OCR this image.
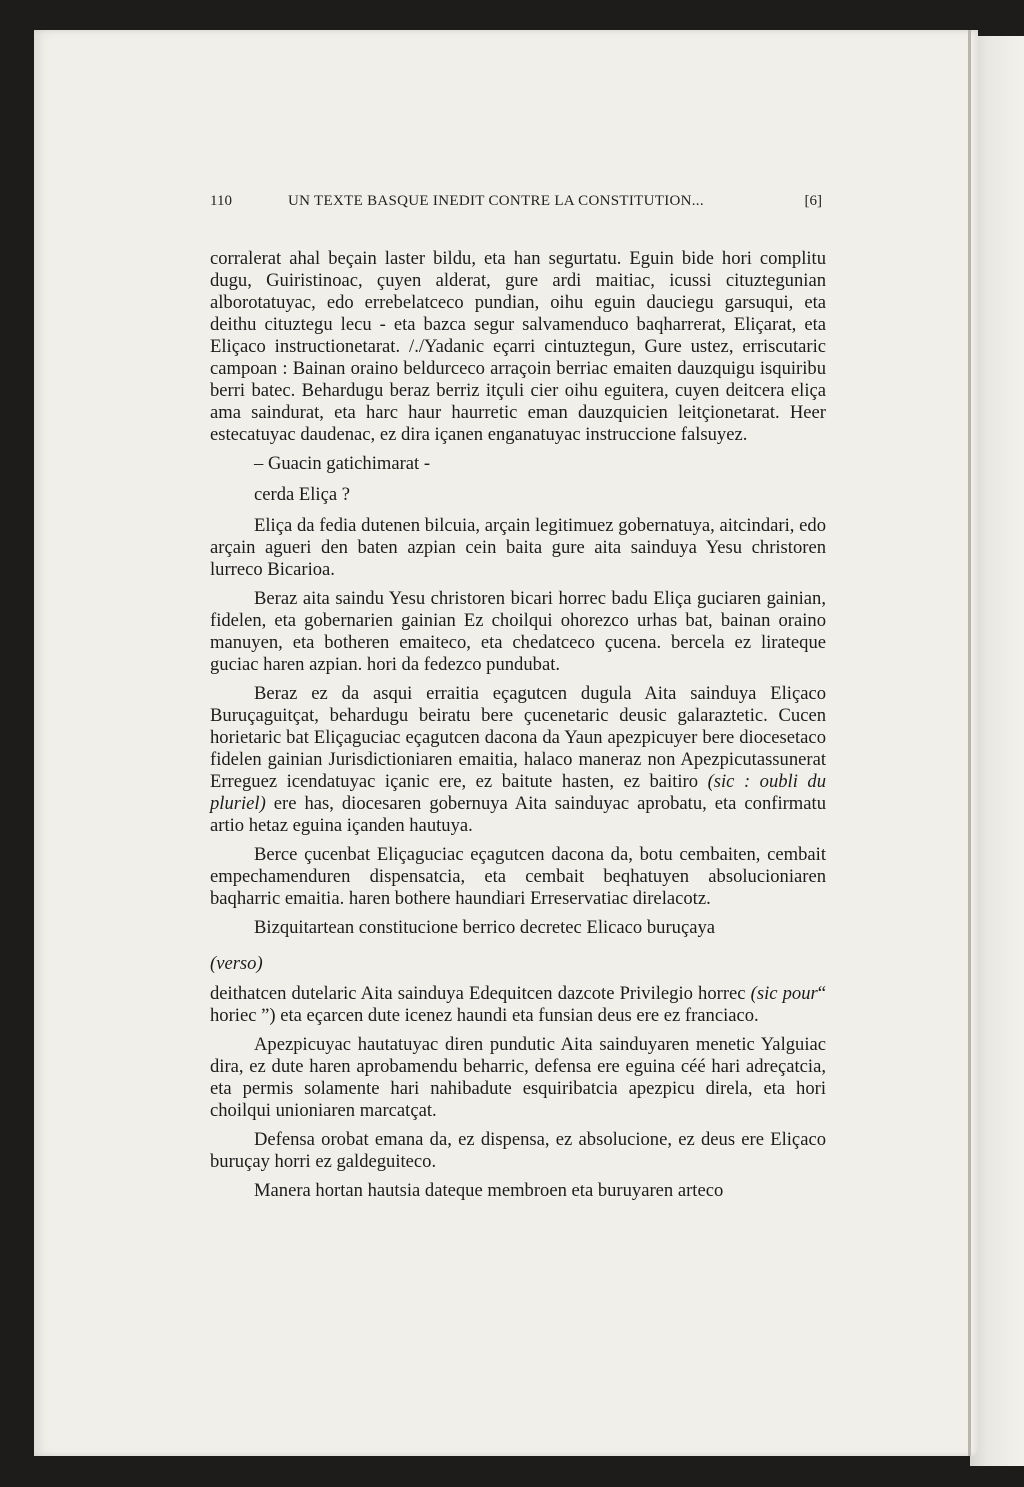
110	UN TEXTE BASQUE INEDIT CONTRE LA CONSTITUTION...	[6]

corralerat ahal beçain laster bildu, eta han segurtatu. Eguin bide hori complitu dugu, Guiristinoac, çuyen alderat, gure ardi maitiac, icussi cituztegunian alborotatuyac, edo errebelatceco pundian, oihu eguin dauciegu garsuqui, eta deithu cituztegu lecu - eta bazca segur salvamenduco baqharrerat, Eliçarat, eta Eliçaco instructionetarat. /./Yadanic eçarri cintuztegun, Gure ustez, erriscutaric campoan : Bainan oraino beldurceco arraçoin berriac emaiten dauzquigu isquiribu berri batec. Behardugu beraz berriz itçuli cier oihu eguitera, cuyen deitcera eliça ama saindurat, eta harc haur haurretic eman dauzquicien leitçionetarat. Heer estecatuyac daudenac, ez dira içanen enganatuyac instruccione falsuyez.

– Guacin gatichimarat -

cerda Eliça ?

Eliça da fedia dutenen bilcuia, arçain legitimuez gobernatuya, aitcindari, edo arçain agueri den baten azpian cein baita gure aita sainduya Yesu christoren lurreco Bicarioa.

Beraz aita saindu Yesu christoren bicari horrec badu Eliça guciaren gainian, fidelen, eta gobernarien gainian Ez choilqui ohorezco urhas bat, bainan oraino manuyen, eta botheren emaiteco, eta chedatceco çucena. bercela ez lirateque guciac haren azpian. hori da fedezco pundubat.

Beraz ez da asqui erraitia eçagutcen dugula Aita sainduya Eliçaco Buruçaguitçat, behardugu beiratu bere çucenetaric deusic galaraztetic. Cucen horietaric bat Eliçaguciac eçagutcen dacona da Yaun apezpicuyer bere diocesetaco fidelen gainian Jurisdictioniaren emaitia, halaco maneraz non Apezpicutassunerat Erreguez icendatuyac içanic ere, ez baitute hasten, ez baitiro (sic : oubli du pluriel) ere has, diocesaren gobernuya Aita sainduyac aprobatu, eta confirmatu artio hetaz eguina içanden hautuya.

Berce çucenbat Eliçaguciac eçagutcen dacona da, botu cembaiten, cembait empechamenduren dispensatcia, eta cembait beqhatuyen absolucioniaren baqharric emaitia. haren bothere haundiari Erreservatiac direlacotz.

Bizquitartean constitucione berrico decretec Elicaco buruçaya

(verso)

deithatcen dutelaric Aita sainduya Edequitcen dazcote Privilegio horrec (sic pour“ horiec ”) eta eçarcen dute icenez haundi eta funsian deus ere ez franciaco.

Apezpicuyac hautatuyac diren pundutic Aita sainduyaren menetic Yalguiac dira, ez dute haren aprobamendu beharric, defensa ere eguina céé hari adreçatcia, eta permis solamente hari nahibadute esquiribatcia apezpicu direla, eta hori choilqui unioniaren marcatçat.

Defensa orobat emana da, ez dispensa, ez absolucione, ez deus ere Eliçaco buruçay horri ez galdeguiteco.

Manera hortan hautsia dateque membroen eta buruyaren arteco
